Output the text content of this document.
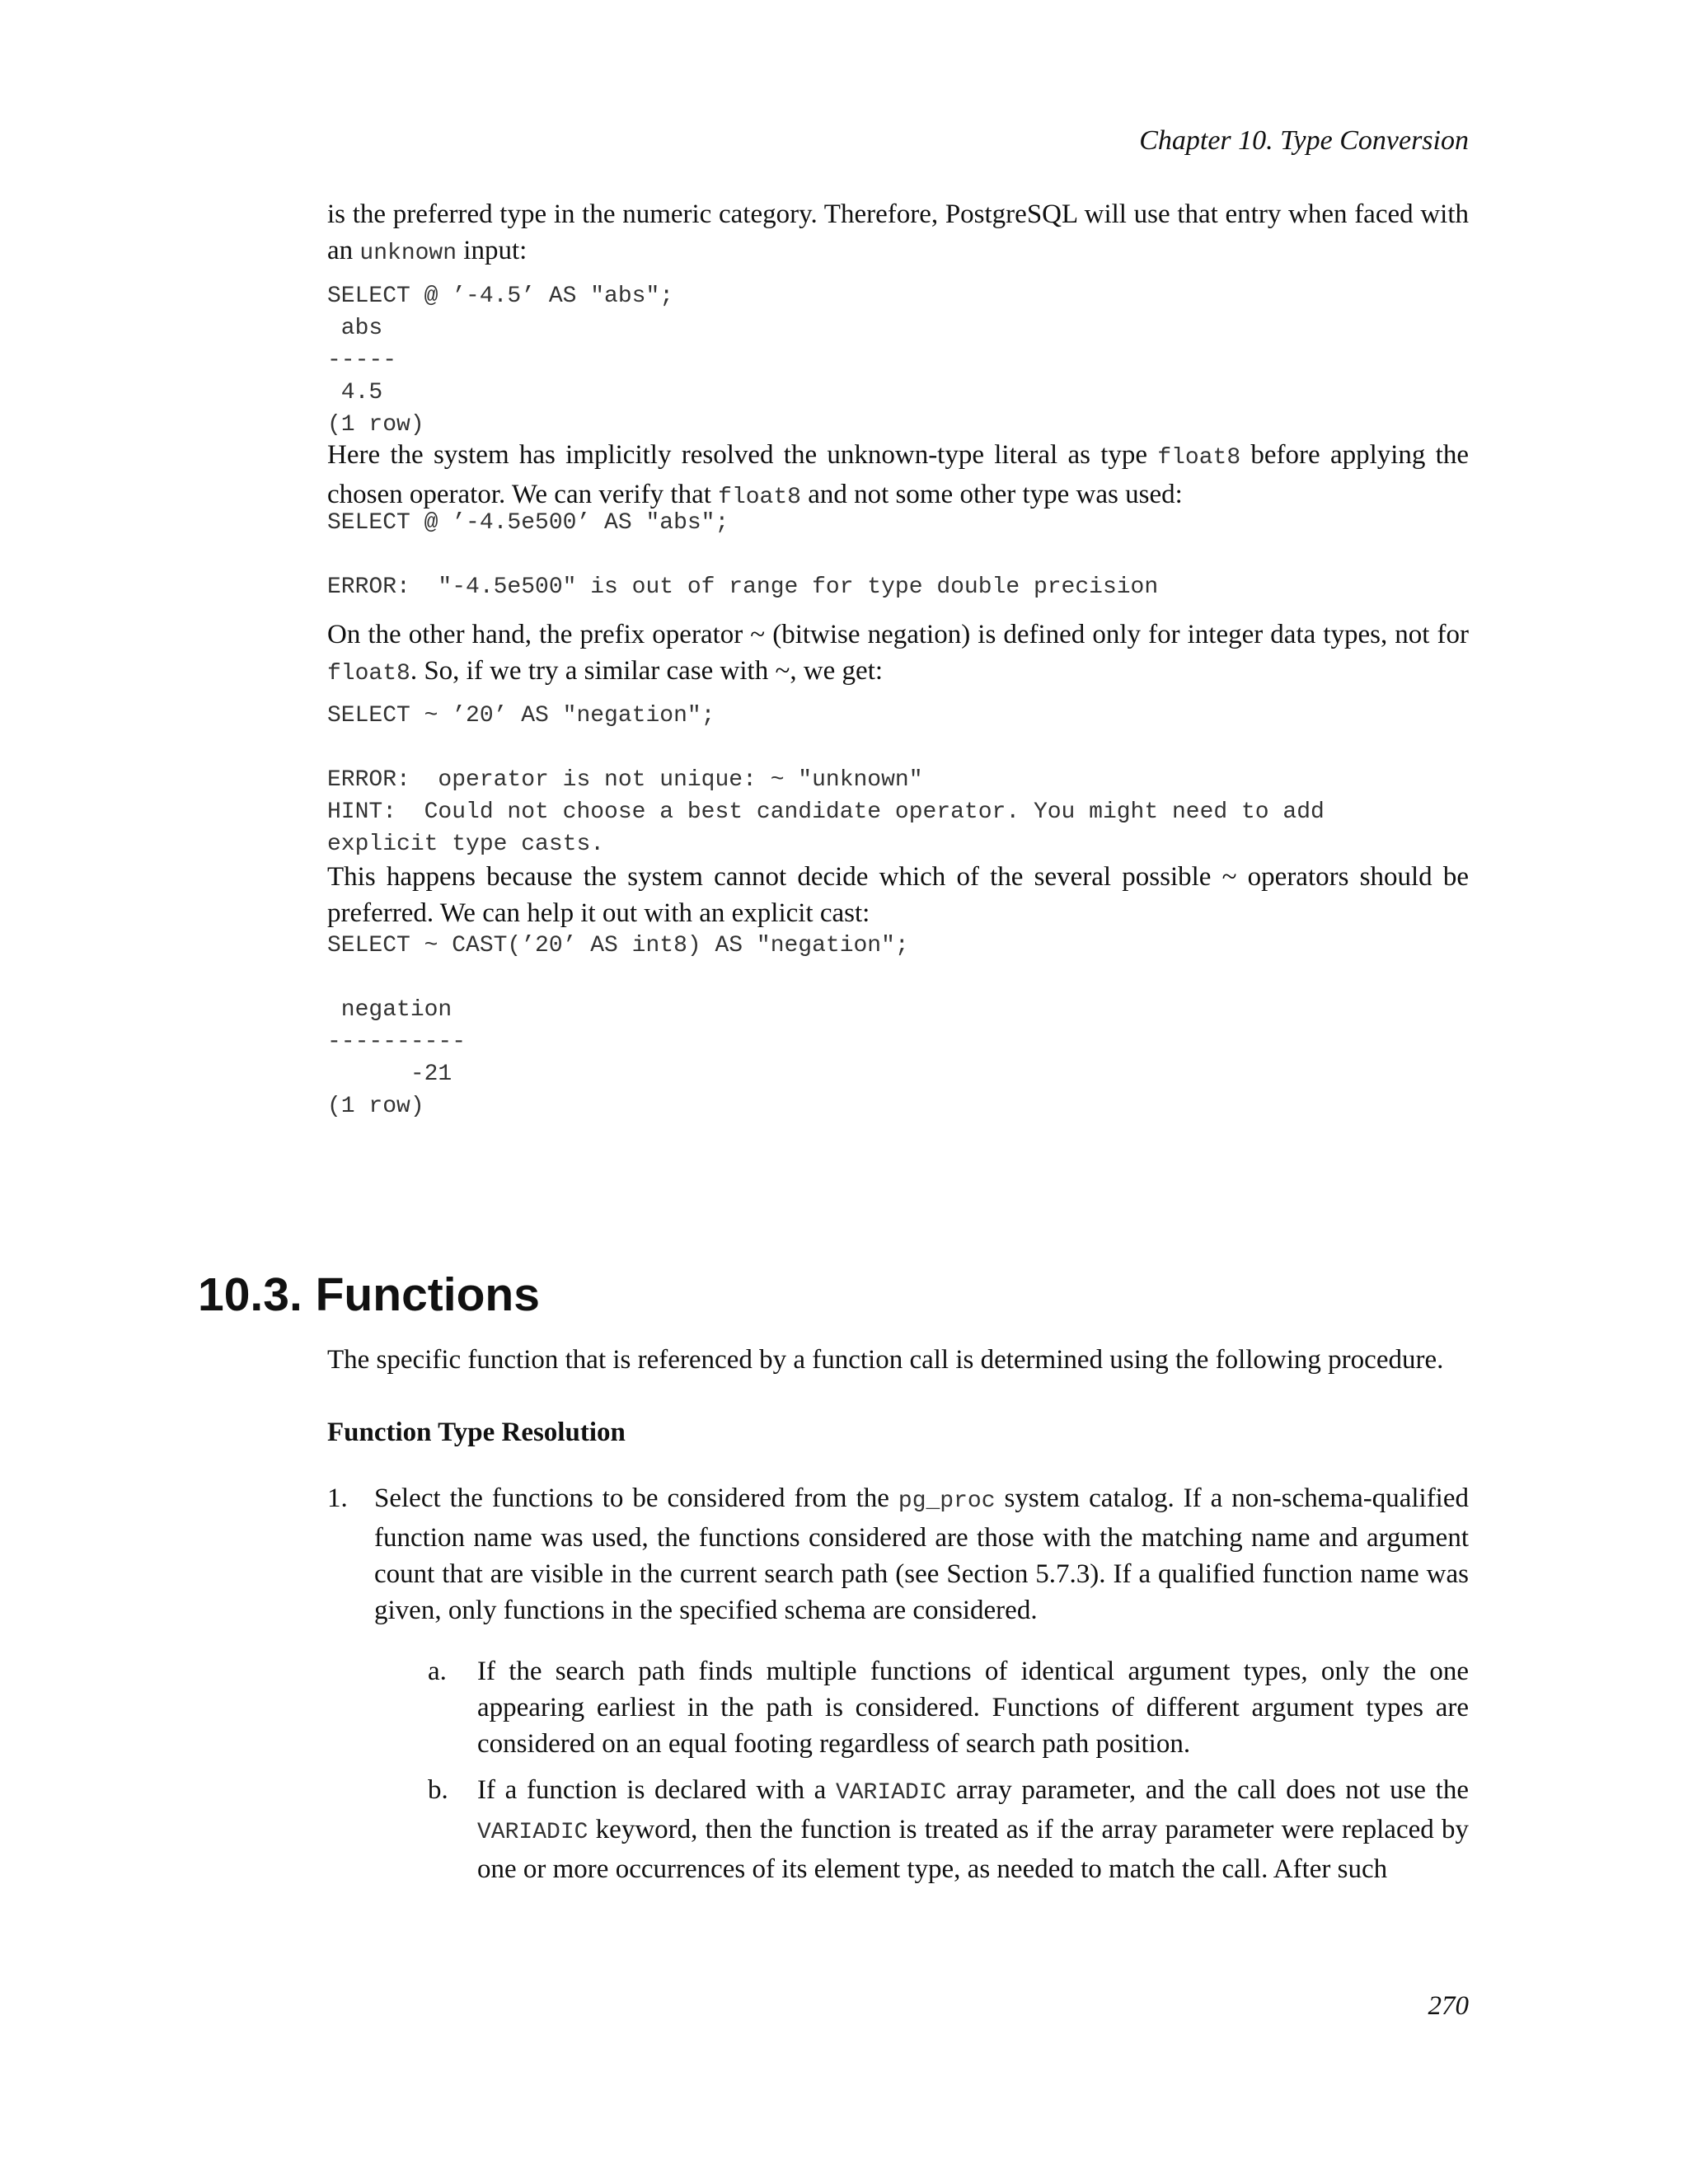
Chapter 10. Type Conversion

is the preferred type in the numeric category. Therefore, PostgreSQL will use that entry when faced with an unknown input:

SELECT @ ’-4.5’ AS "abs";
abs
-----
4.5
(1 row)

Here the system has implicitly resolved the unknown-type literal as type float8 before applying the chosen operator. We can verify that float8 and not some other type was used:

SELECT @ ’-4.5e500’ AS "abs";

ERROR:  "-4.5e500" is out of range for type double precision

On the other hand, the prefix operator ~ (bitwise negation) is defined only for integer data types, not for float8. So, if we try a similar case with ~, we get:

SELECT ~ ’20’ AS "negation";

ERROR:  operator is not unique: ~ "unknown"
HINT:  Could not choose a best candidate operator. You might need to add
explicit type casts.

This happens because the system cannot decide which of the several possible ~ operators should be preferred. We can help it out with an explicit cast:

SELECT ~ CAST(’20’ AS int8) AS "negation";

negation
----------
-21
(1 row)
10.3. Functions

The specific function that is referenced by a function call is determined using the following procedure.

Function Type Resolution
1. Select the functions to be considered from the pg_proc system catalog. If a non-schema-qualified function name was used, the functions considered are those with the matching name and argument count that are visible in the current search path (see Section 5.7.3). If a qualified function name was given, only functions in the specified schema are considered.

a. If the search path finds multiple functions of identical argument types, only the one appearing earliest in the path is considered. Functions of different argument types are considered on an equal footing regardless of search path position.

b. If a function is declared with a VARIADIC array parameter, and the call does not use the VARIADIC keyword, then the function is treated as if the array parameter were replaced by one or more occurrences of its element type, as needed to match the call. After such

270
